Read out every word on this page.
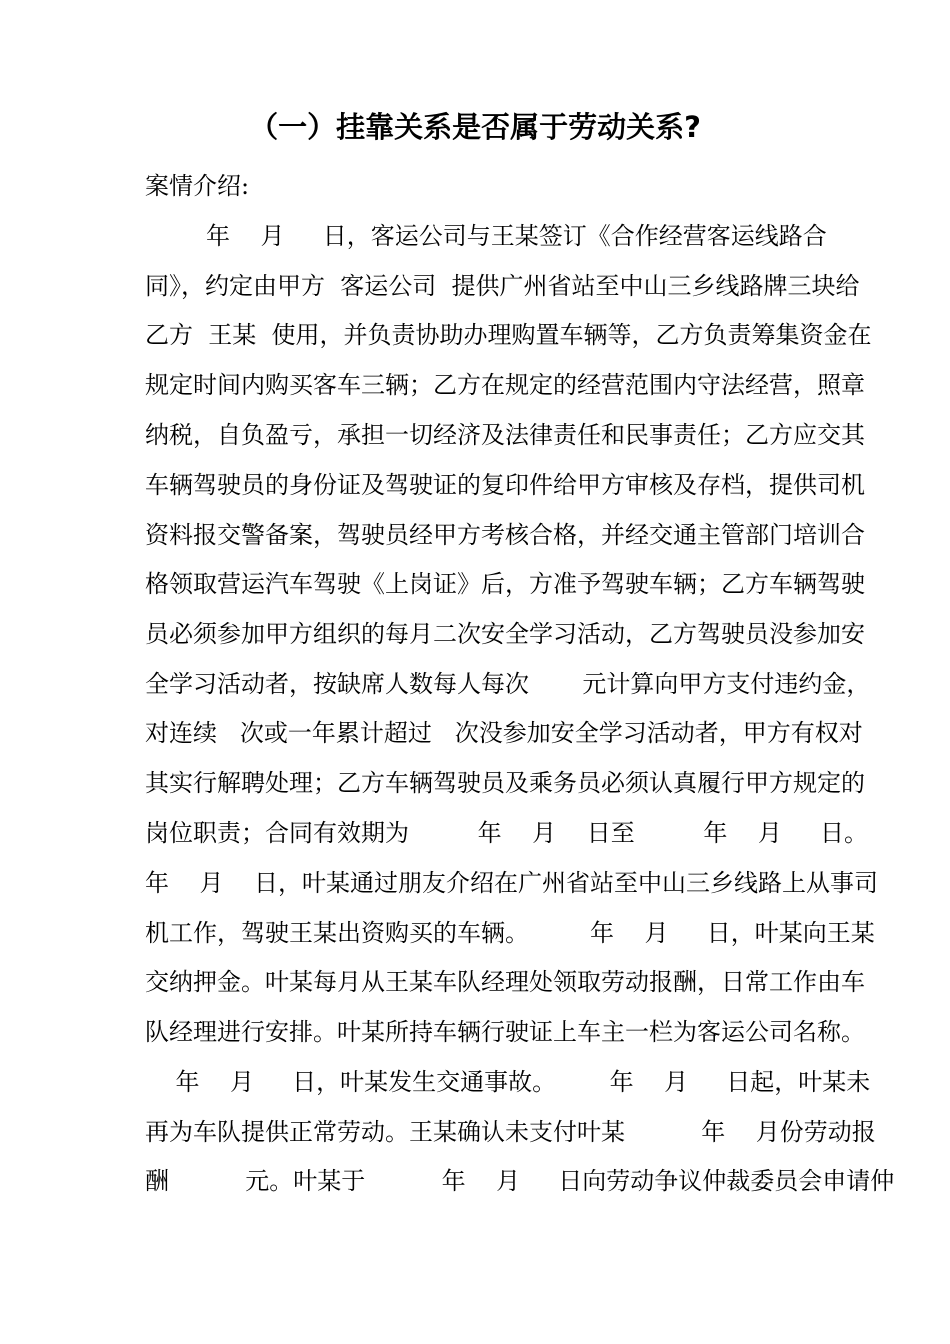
（一）挂靠关系是否属于劳动关系?
案情介绍:
年    月     日，客运公司与王某签订《合作经营客运线路合
同》，约定由甲方  客运公司  提供广州省站至中山三乡线路牌三块给
乙方  王某  使用，并负责协助办理购置车辆等，乙方负责筹集资金在
规定时间内购买客车三辆；乙方在规定的经营范围内守法经营，照章
纳税，自负盈亏，承担一切经济及法律责任和民事责任；乙方应交其
车辆驾驶员的身份证及驾驶证的复印件给甲方审核及存档，提供司机
资料报交警备案，驾驶员经甲方考核合格，并经交通主管部门培训合
格领取营运汽车驾驶《上岗证》后，方准予驾驶车辆；乙方车辆驾驶
员必须参加甲方组织的每月二次安全学习活动，乙方驾驶员没参加安
全学习活动者，按缺席人数每人每次       元计算向甲方支付违约金，
对连续   次或一年累计超过   次没参加安全学习活动者，甲方有权对
其实行解聘处理；乙方车辆驾驶员及乘务员必须认真履行甲方规定的
岗位职责；合同有效期为         年    月    日至         年    月     日。
年    月    日，叶某通过朋友介绍在广州省站至中山三乡线路上从事司
机工作，驾驶王某出资购买的车辆。        年    月     日，叶某向王某
交纳押金。叶某每月从王某车队经理处领取劳动报酬，日常工作由车
队经理进行安排。叶某所持车辆行驶证上车主一栏为客运公司名称。
年    月     日，叶某发生交通事故。       年    月     日起，叶某未
再为车队提供正常劳动。王某确认未支付叶某          年    月份劳动报
酬          元。叶某于          年    月     日向劳动争议仲裁委员会申请仲
